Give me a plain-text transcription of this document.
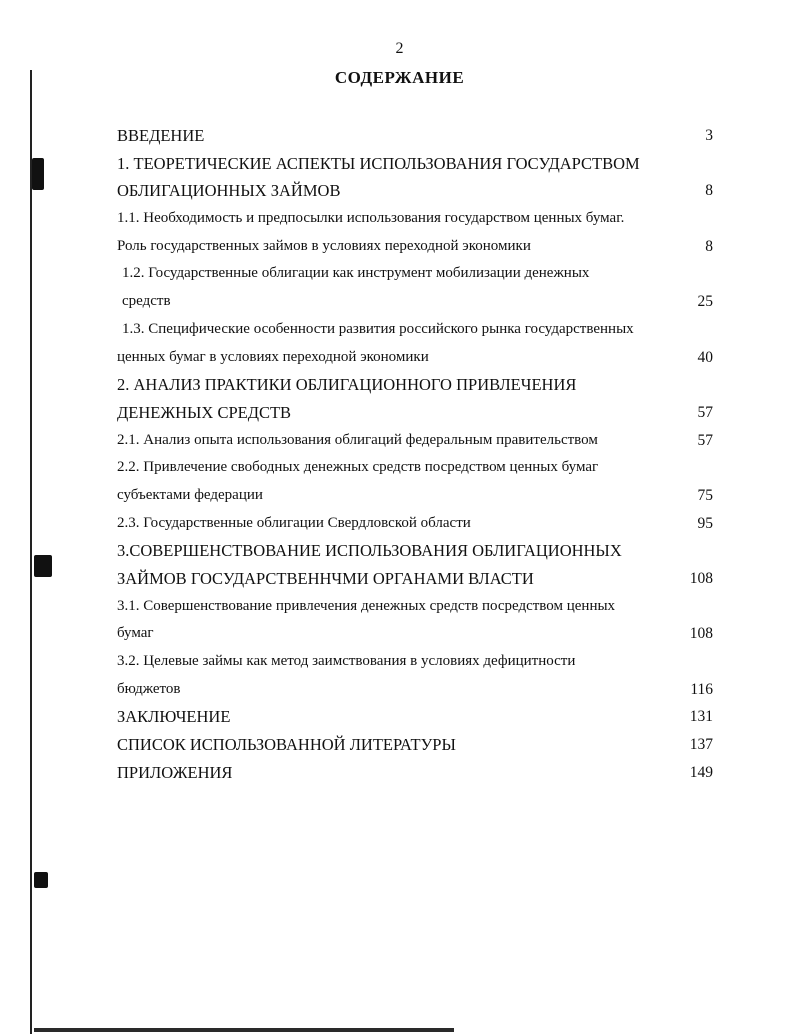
2
СОДЕРЖАНИЕ
ВВЕДЕНИЕ	3
1. ТЕОРЕТИЧЕСКИЕ АСПЕКТЫ ИСПОЛЬЗОВАНИЯ ГОСУДАРСТВОМ
ОБЛИГАЦИОННЫХ ЗАЙМОВ	8
1.1. Необходимость и предпосылки использования государством ценных бумаг.
Роль государственных займов в условиях переходной экономики	8
1.2. Государственные облигации как инструмент мобилизации денежных
средств	25
1.3. Специфические особенности развития российского рынка государственных
ценных бумаг в условиях переходной экономики	40
2. АНАЛИЗ ПРАКТИКИ ОБЛИГАЦИОННОГО ПРИВЛЕЧЕНИЯ
ДЕНЕЖНЫХ СРЕДСТВ	57
2.1. Анализ опыта использования облигаций федеральным правительством	57
2.2. Привлечение свободных денежных средств посредством ценных бумаг
субъектами федерации	75
2.3. Государственные облигации Свердловской области	95
3.СОВЕРШЕНСТВОВАНИЕ ИСПОЛЬЗОВАНИЯ ОБЛИГАЦИОННЫХ
ЗАЙМОВ ГОСУДАРСТВЕННЧМИ ОРГАНАМИ ВЛАСТИ	108
3.1. Совершенствование привлечения денежных средств посредством ценных
бумаг	108
3.2. Целевые займы как метод заимствования в условиях дефицитности
бюджетов	116
ЗАКЛЮЧЕНИЕ	131
СПИСОК ИСПОЛЬЗОВАННОЙ ЛИТЕРАТУРЫ	137
ПРИЛОЖЕНИЯ	149
